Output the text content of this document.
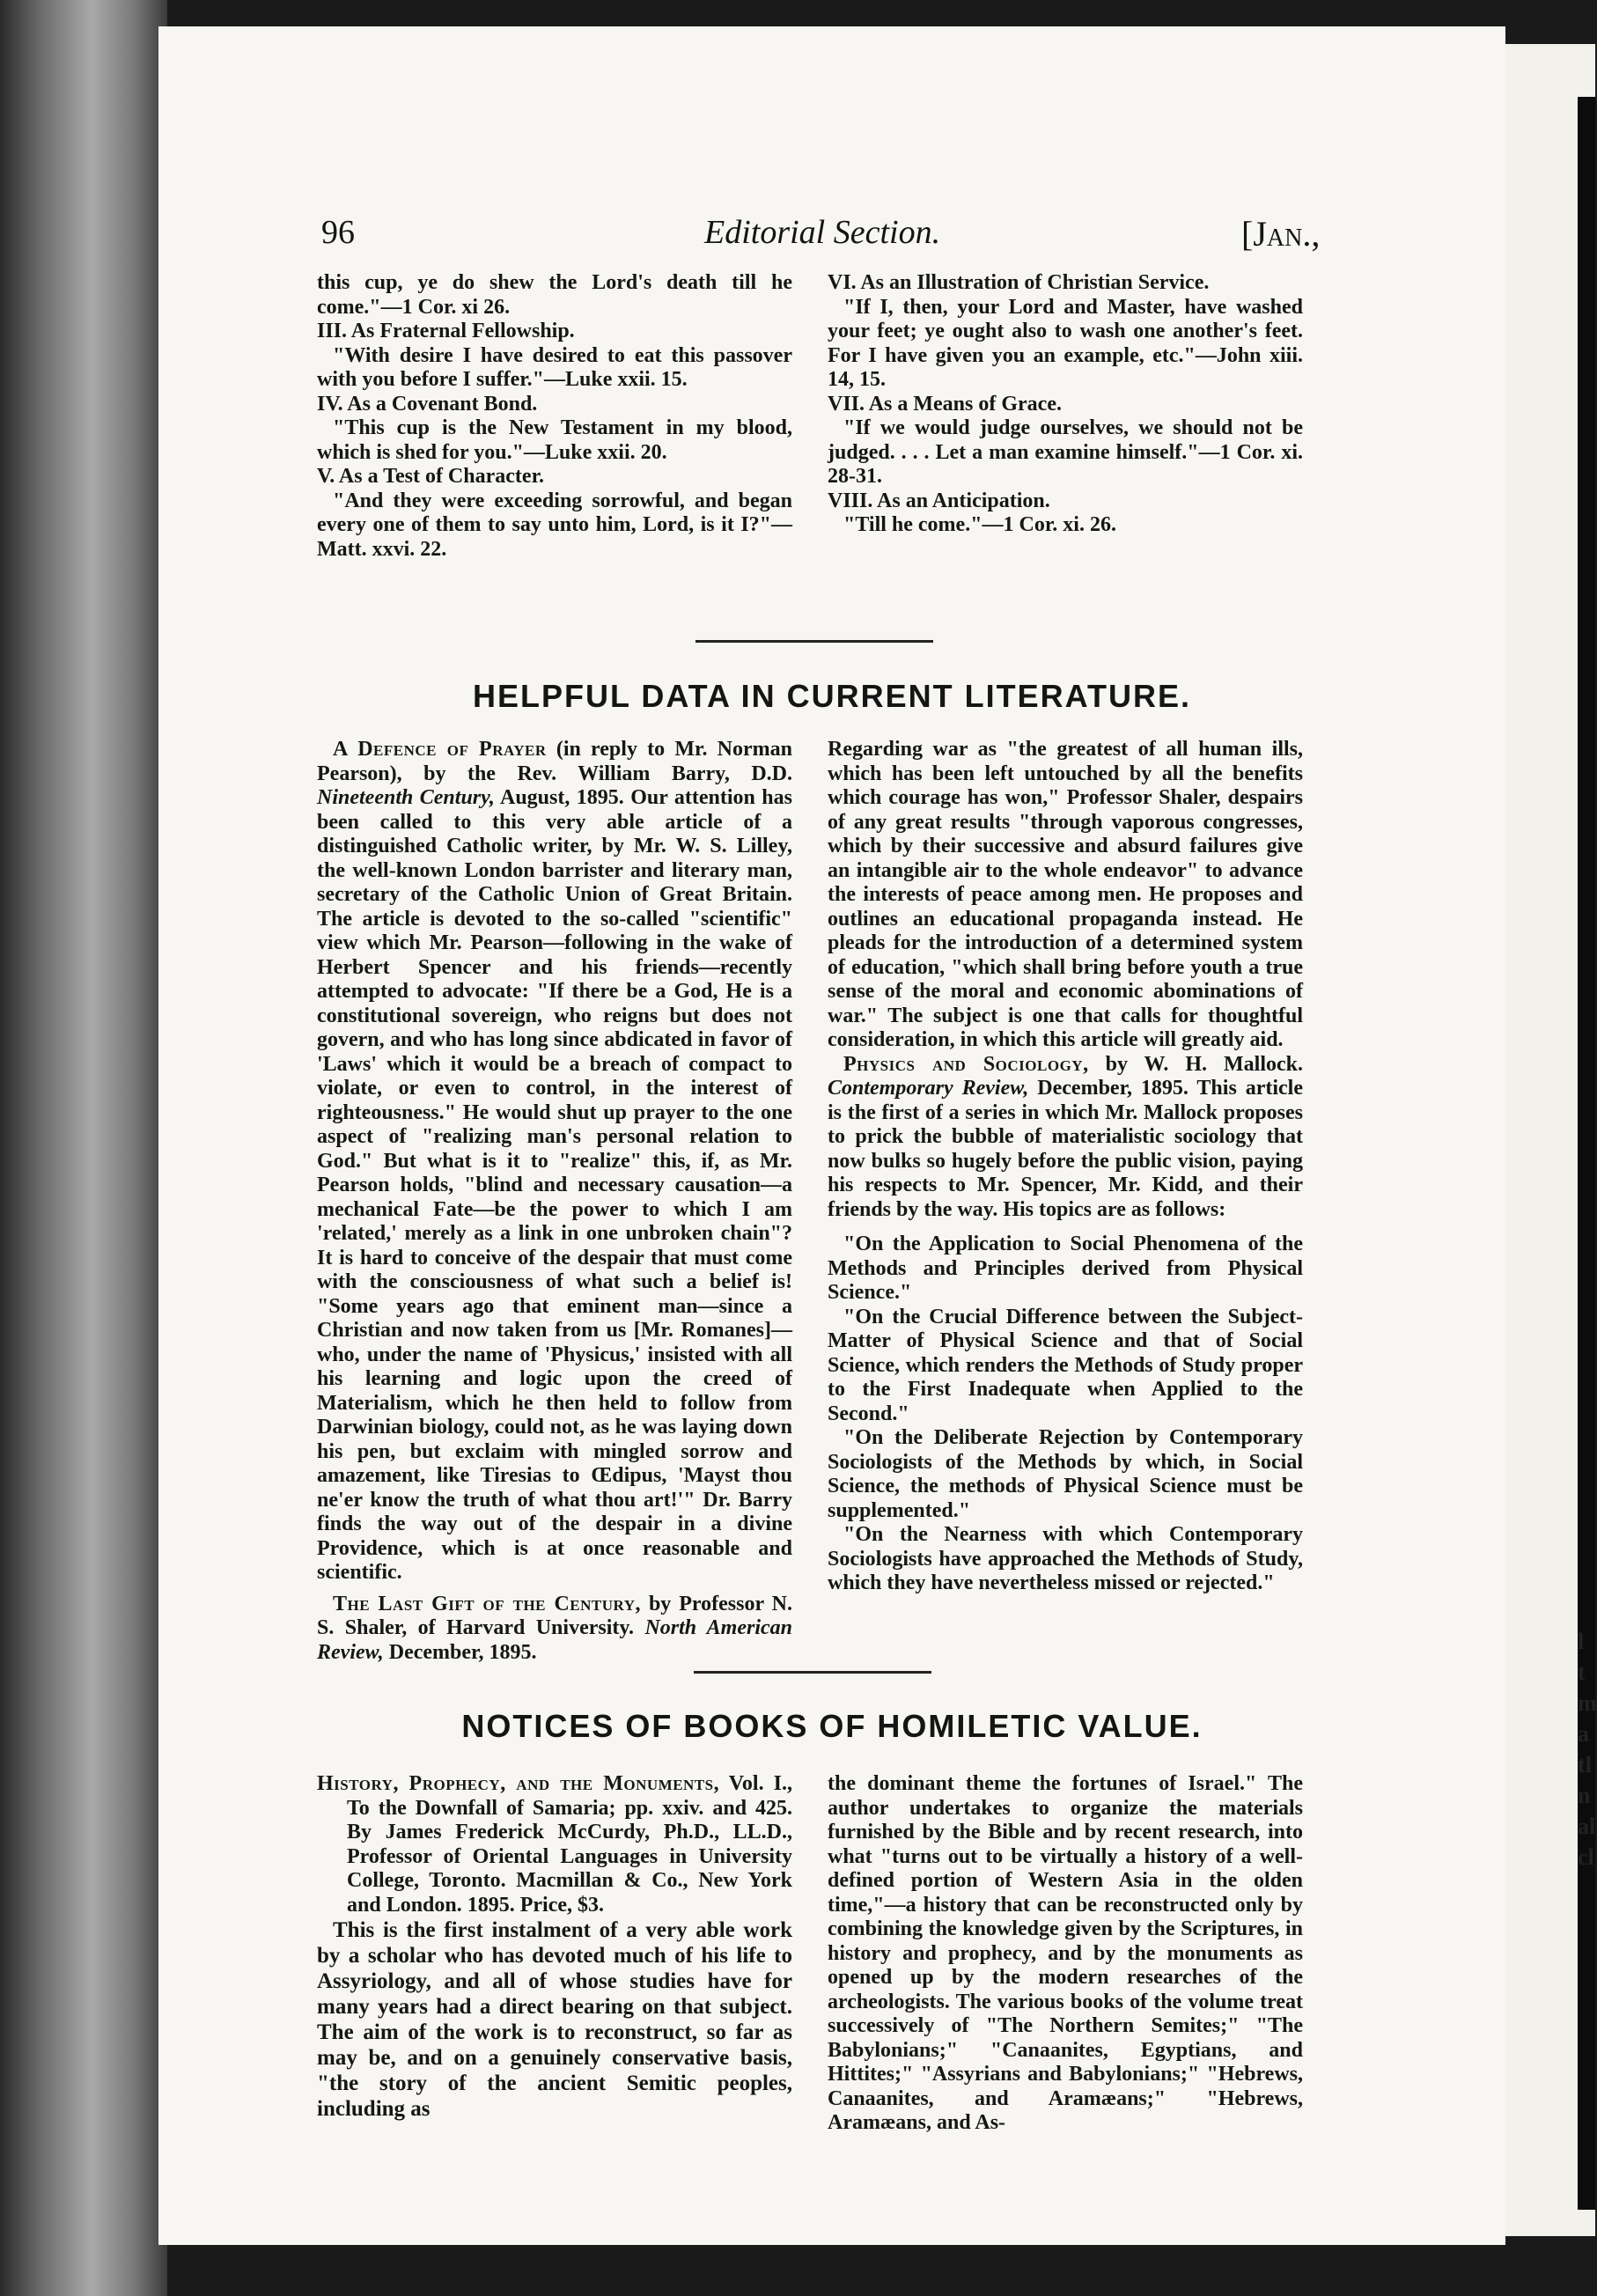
l
t
m
a
tl
n
al
cl
96	Editorial Section.	[Jan.,

this cup, ye do shew the Lord's death till he come."—1 Cor. xi 26.

III. As Fraternal Fellowship.

"With desire I have desired to eat this passover with you before I suffer."—Luke xxii. 15.

IV. As a Covenant Bond.

"This cup is the New Testament in my blood, which is shed for you."—Luke xxii. 20.

V. As a Test of Character.

"And they were exceeding sorrowful, and began every one of them to say unto him, Lord, is it I?"—Matt. xxvi. 22.

VI. As an Illustration of Christian Service.

"If I, then, your Lord and Master, have washed your feet; ye ought also to wash one another's feet. For I have given you an example, etc."—John xiii. 14, 15.

VII. As a Means of Grace.

"If we would judge ourselves, we should not be judged. . . . Let a man examine himself."—1 Cor. xi. 28-31.

VIII. As an Anticipation.

"Till he come."—1 Cor. xi. 26.

HELPFUL DATA IN CURRENT LITERATURE.

A Defence of Prayer (in reply to Mr. Norman Pearson), by the Rev. William Barry, D.D. Nineteenth Century, August, 1895. Our attention has been called to this very able article of a distinguished Catholic writer, by Mr. W. S. Lilley, the well-known London barrister and literary man, secretary of the Catholic Union of Great Britain. The article is devoted to the so-called "scientific" view which Mr. Pearson—following in the wake of Herbert Spencer and his friends—recently attempted to advocate: "If there be a God, He is a constitutional sovereign, who reigns but does not govern, and who has long since abdicated in favor of 'Laws' which it would be a breach of compact to violate, or even to control, in the interest of righteousness." He would shut up prayer to the one aspect of "realizing man's personal relation to God." But what is it to "realize" this, if, as Mr. Pearson holds, "blind and necessary causation—a mechanical Fate—be the power to which I am 'related,' merely as a link in one unbroken chain"? It is hard to conceive of the despair that must come with the consciousness of what such a belief is! "Some years ago that eminent man—since a Christian and now taken from us [Mr. Romanes]—who, under the name of 'Physicus,' insisted with all his learning and logic upon the creed of Materialism, which he then held to follow from Darwinian biology, could not, as he was laying down his pen, but exclaim with mingled sorrow and amazement, like Tiresias to Œdipus, 'Mayst thou ne'er know the truth of what thou art!'" Dr. Barry finds the way out of the despair in a divine Providence, which is at once reasonable and scientific.

The Last Gift of the Century, by Professor N. S. Shaler, of Harvard University. North American Review, December, 1895.

Regarding war as "the greatest of all human ills, which has been left untouched by all the benefits which courage has won," Professor Shaler, despairs of any great results "through vaporous congresses, which by their successive and absurd failures give an intangible air to the whole endeavor" to advance the interests of peace among men. He proposes and outlines an educational propaganda instead. He pleads for the introduction of a determined system of education, "which shall bring before youth a true sense of the moral and economic abominations of war." The subject is one that calls for thoughtful consideration, in which this article will greatly aid.

Physics and Sociology, by W. H. Mallock. Contemporary Review, December, 1895. This article is the first of a series in which Mr. Mallock proposes to prick the bubble of materialistic sociology that now bulks so hugely before the public vision, paying his respects to Mr. Spencer, Mr. Kidd, and their friends by the way. His topics are as follows:

"On the Application to Social Phenomena of the Methods and Principles derived from Physical Science."

"On the Crucial Difference between the Subject-Matter of Physical Science and that of Social Science, which renders the Methods of Study proper to the First Inadequate when Applied to the Second."

"On the Deliberate Rejection by Contemporary Sociologists of the Methods by which, in Social Science, the methods of Physical Science must be supplemented."

"On the Nearness with which Contemporary Sociologists have approached the Methods of Study, which they have nevertheless missed or rejected."

NOTICES OF BOOKS OF HOMILETIC VALUE.

History, Prophecy, and the Monuments, Vol. I., To the Downfall of Samaria; pp. xxiv. and 425. By James Frederick McCurdy, Ph.D., LL.D., Professor of Oriental Languages in University College, Toronto. Macmillan & Co., New York and London. 1895. Price, $3.

This is the first instalment of a very able work by a scholar who has devoted much of his life to Assyriology, and all of whose studies have for many years had a direct bearing on that subject. The aim of the work is to reconstruct, so far as may be, and on a genuinely conservative basis, "the story of the ancient Semitic peoples, including as

the dominant theme the fortunes of Israel." The author undertakes to organize the materials furnished by the Bible and by recent research, into what "turns out to be virtually a history of a well-defined portion of Western Asia in the olden time,"—a history that can be reconstructed only by combining the knowledge given by the Scriptures, in history and prophecy, and by the monuments as opened up by the modern researches of the archeologists. The various books of the volume treat successively of "The Northern Semites;" "The Babylonians;" "Canaanites, Egyptians, and Hittites;" "Assyrians and Babylonians;" "Hebrews, Canaanites, and Aramæans;" "Hebrews, Aramæans, and As-
